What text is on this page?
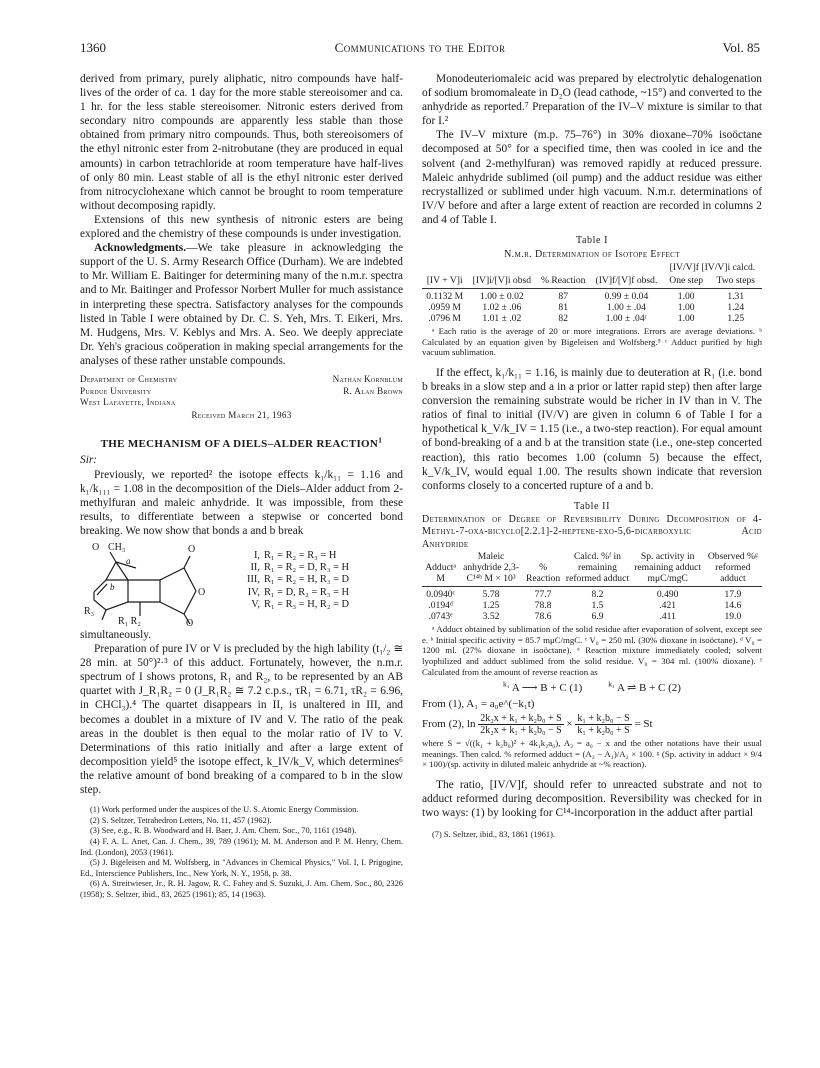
1360	Communications to the Editor	Vol. 85

derived from primary, purely aliphatic, nitro compounds have half-lives of the order of ca. 1 day for the more stable stereoisomer and ca. 1 hr. for the less stable stereoisomer. Nitronic esters derived from secondary nitro compounds are apparently less stable than those obtained from primary nitro compounds. Thus, both stereoisomers of the ethyl nitronic ester from 2-nitrobutane (they are produced in equal amounts) in carbon tetrachloride at room temperature have half-lives of only 80 min. Least stable of all is the ethyl nitronic ester derived from nitrocyclohexane which cannot be brought to room temperature without decomposing rapidly.

Extensions of this new synthesis of nitronic esters are being explored and the chemistry of these compounds is under investigation.

Acknowledgments.—We take pleasure in acknowledging the support of the U. S. Army Research Office (Durham). We are indebted to Mr. William E. Baitinger for determining many of the n.m.r. spectra and to Mr. Baitinger and Professor Norbert Muller for much assistance in interpreting these spectra. Satisfactory analyses for the compounds listed in Table I were obtained by Dr. C. S. Yeh, Mrs. T. Eikeri, Mrs. M. Hudgens, Mrs. V. Keblys and Mrs. A. Seo. We deeply appreciate Dr. Yeh's gracious coöperation in making special arrangements for the analyses of these rather unstable compounds.

Department of Chemistry	Nathan Kornblum
Purdue University	R. Alan Brown
West Lafayette, Indiana
Received March 21, 1963
THE MECHANISM OF A DIELS–ALDER REACTION$^1$
Sir:

Previously, we reported² the isotope effects k₁/k₁₁ = 1.16 and k₁/k₁₁₁ = 1.08 in the decomposition of the Diels–Alder adduct from 2-methylfuran and maleic anhydride. It was impossible, from these results, to differentiate between a stepwise or concerted bond breaking. We now show that bonds a and b break

O CH₃
a
b
O
O
O
R₃
R₁ R₂
I, R₁ = R₂ = R₃ = H
II, R₁ = R₂ = D, R₃ = H
III, R₁ = R₂ = H, R₃ = D
IV, R₁ = D, R₂ = R₃ = H
V, R₁ = R₃ = H, R₂ = D

simultaneously.

Preparation of pure IV or V is precluded by the high lability (t₁/₂ ≅ 28 min. at 50°)²·³ of this adduct. Fortunately, however, the n.m.r. spectrum of I shows protons, R₁ and R₂, to be represented by an AB quartet with J_R₁R₂ = 0 (J_R₁R₂ ≅ 7.2 c.p.s., τR₁ = 6.71, τR₂ = 6.96, in CHCl₃).⁴ The quartet disappears in II, is unaltered in III, and becomes a doublet in a mixture of IV and V. The ratio of the peak areas in the doublet is then equal to the molar ratio of IV to V. Determinations of this ratio initially and after a large extent of decomposition yield⁵ the isotope effect, k_IV/k_V, which determines⁶ the relative amount of bond breaking of a compared to b in the slow step.

(1) Work performed under the auspices of the U. S. Atomic Energy Commission.
(2) S. Seltzer, Tetrahedron Letters, No. 11, 457 (1962).
(3) See, e.g., R. B. Woodward and H. Baer, J. Am. Chem. Soc., 70, 1161 (1948).
(4) F. A. L. Anet, Can. J. Chem., 39, 789 (1961); M. M. Anderson and P. M. Henry, Chem. Ind. (London), 2053 (1961).
(5) J. Bigeleisen and M. Wolfsberg, in "Advances in Chemical Physics," Vol. I, I. Prigogine, Ed., Interscience Publishers, Inc., New York, N. Y., 1958, p. 38.
(6) A. Streitwieser, Jr., R. H. Jagow, R. C. Fahey and S. Suzuki, J. Am. Chem. Soc., 80, 2326 (1958); S. Seltzer, ibid., 83, 2625 (1961); 85, 14 (1963).

Monodeuteriomaleic acid was prepared by electrolytic dehalogenation of sodium bromomaleate in D₂O (lead cathode, ~15°) and converted to the anhydride as reported.⁷ Preparation of the IV–V mixture is similar to that for I.²

The IV–V mixture (m.p. 75–76°) in 30% dioxane–70% isoöctane decomposed at 50° for a specified time, then was cooled in ice and the solvent (and 2-methylfuran) was removed rapidly at reduced pressure. Maleic anhydride sublimed (oil pump) and the adduct residue was either recrystallized or sublimed under high vacuum. N.m.r. determinations of IV/V before and after a large extent of reaction are recorded in columns 2 and 4 of Table I.

Table I
N.m.r. Determination of Isotope Effect
				[IV/V]f [IV/V]i calcd.	
[IV + V]i	[IV]i/[V]i obsd	% Reaction	(IV]f/[V]f obsd.	One step	Two steps
0.1132 M	1.00 ± 0.02	87	0.99 ± 0.04	1.00	1.31
.0959 M	1.02 ± .06	81	1.00 ± .04	1.00	1.24
.0796 M	1.01 ± .02	82	1.00 ± .04ᶜ	1.00	1.25

ᵃ Each ratio is the average of 20 or more integrations. Errors are average deviations. ᵇ Calculated by an equation given by Bigeleisen and Wolfsberg.⁵ ᶜ Adduct purified by high vacuum sublimation.

If the effect, k₁/k₁₁ = 1.16, is mainly due to deuteration at R₁ (i.e. bond b breaks in a slow step and a in a prior or latter rapid step) then after large conversion the remaining substrate would be richer in IV than in V. The ratios of final to initial (IV/V) are given in column 6 of Table I for a hypothetical k_V/k_IV = 1.15 (i.e., a two-step reaction). For equal amount of bond-breaking of a and b at the transition state (i.e., one-step concerted reaction), this ratio becomes 1.00 (column 5) because the effect, k_V/k_IV, would equal 1.00. The results shown indicate that reversion conforms closely to a concerted rupture of a and b.

Table II
Determination of Degree of Reversibility During Decomposition of 4-Methyl-7-oxa-bicyclo[2.2.1]-2-heptene-exo-5,6-dicarboxylic Acid Anhydride
Adductᵃ M	Maleic anhydride 2,3-C¹⁴ᵇ M × 10³	% Reaction	Calcd. %ᶠ in remaining reformed adduct	Sp. activity in remaining adduct mμC/mgC	Observed %ᵍ reformed adduct
0.0940ᶜ	5.78	77.7	8.2	0.490	17.9
.0194ᵈ	1.25	78.8	1.5	.421	14.6
.0743ᵉ	3.52	78.6	6.9	.411	19.0

ᵃ Adduct obtained by sublimation of the solid residue after evaporation of solvent, except see e. ᵇ Initial specific activity = 85.7 mμC/mgC. ᶜ V₀ = 250 ml. (30% dioxane in isoöctane). ᵈ V₀ = 1200 ml. (27% dioxane in isoöctane). ᵉ Reaction mixture immediately cooled; solvent lyophilized and adduct sublimed from the solid residue. V₀ = 304 ml. (100% dioxane). ᶠ Calculated from the amount of reverse reaction as

$^{k_1}$ A ⟶ B + C (1)	$^{k_1}$ A ⇌ B + C (2)
From (1), A₁ = a₀e^(−k₁t)
From (2), $\ln \frac{\text{2k₂x + k₁ + k₂b₀ + S}}{\text{2k₂x + k₁ + k₂b₀ − S}} \times \frac{\text{k₁ + k₂b₀ − S}}{\text{k₁ + k₂b₀ + S}} = St$

where S = √((k₁ + k₂b₀)² + 4k₁k₂a₀), A₂ = a₀ − x and the other notations have their usual meanings. Then calcd. % reformed adduct = (A₂ − A₁)/A₂ × 100. ᵍ (Sp. activity in adduct × 9/4 × 100)/(sp. activity in diluted maleic anhydride at ~% reaction).

The ratio, [IV/V]f, should refer to unreacted substrate and not to adduct reformed during decomposition. Reversibility was checked for in two ways: (1) by looking for C¹⁴-incorporation in the adduct after partial

(7) S. Seltzer, ibid., 83, 1861 (1961).
